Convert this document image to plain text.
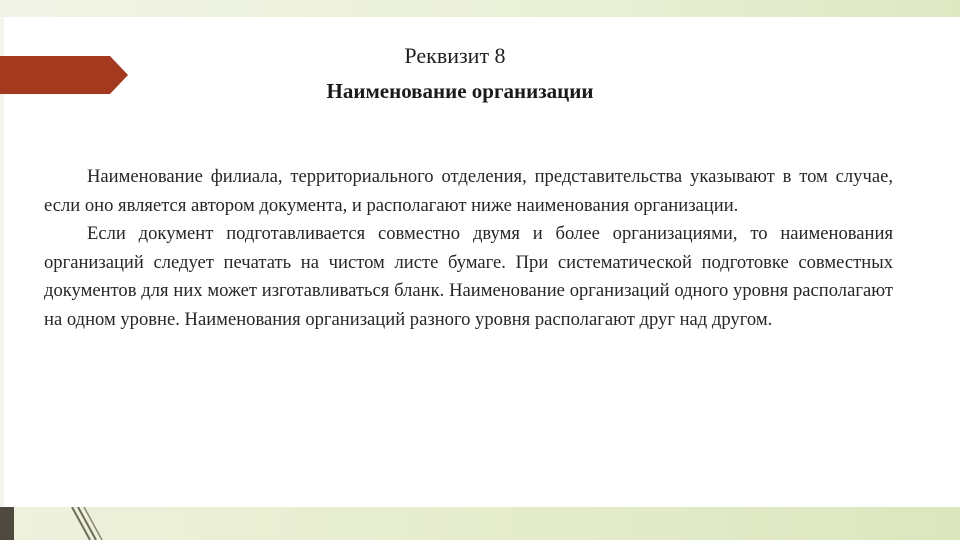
Реквизит 8
Наименование организации

Наименование филиала, территориального отделения, представительства указывают в том случае, если оно является автором документа, и располагают ниже наименования организации.

Если документ подготавливается совместно двумя и более организациями, то наименования организаций следует печатать на чистом листе бумаге. При систематической подготовке совместных документов для них может изготавливаться бланк. Наименование организаций одного уровня располагают на одном уровне. Наименования организаций разного уровня располагают друг над другом.
